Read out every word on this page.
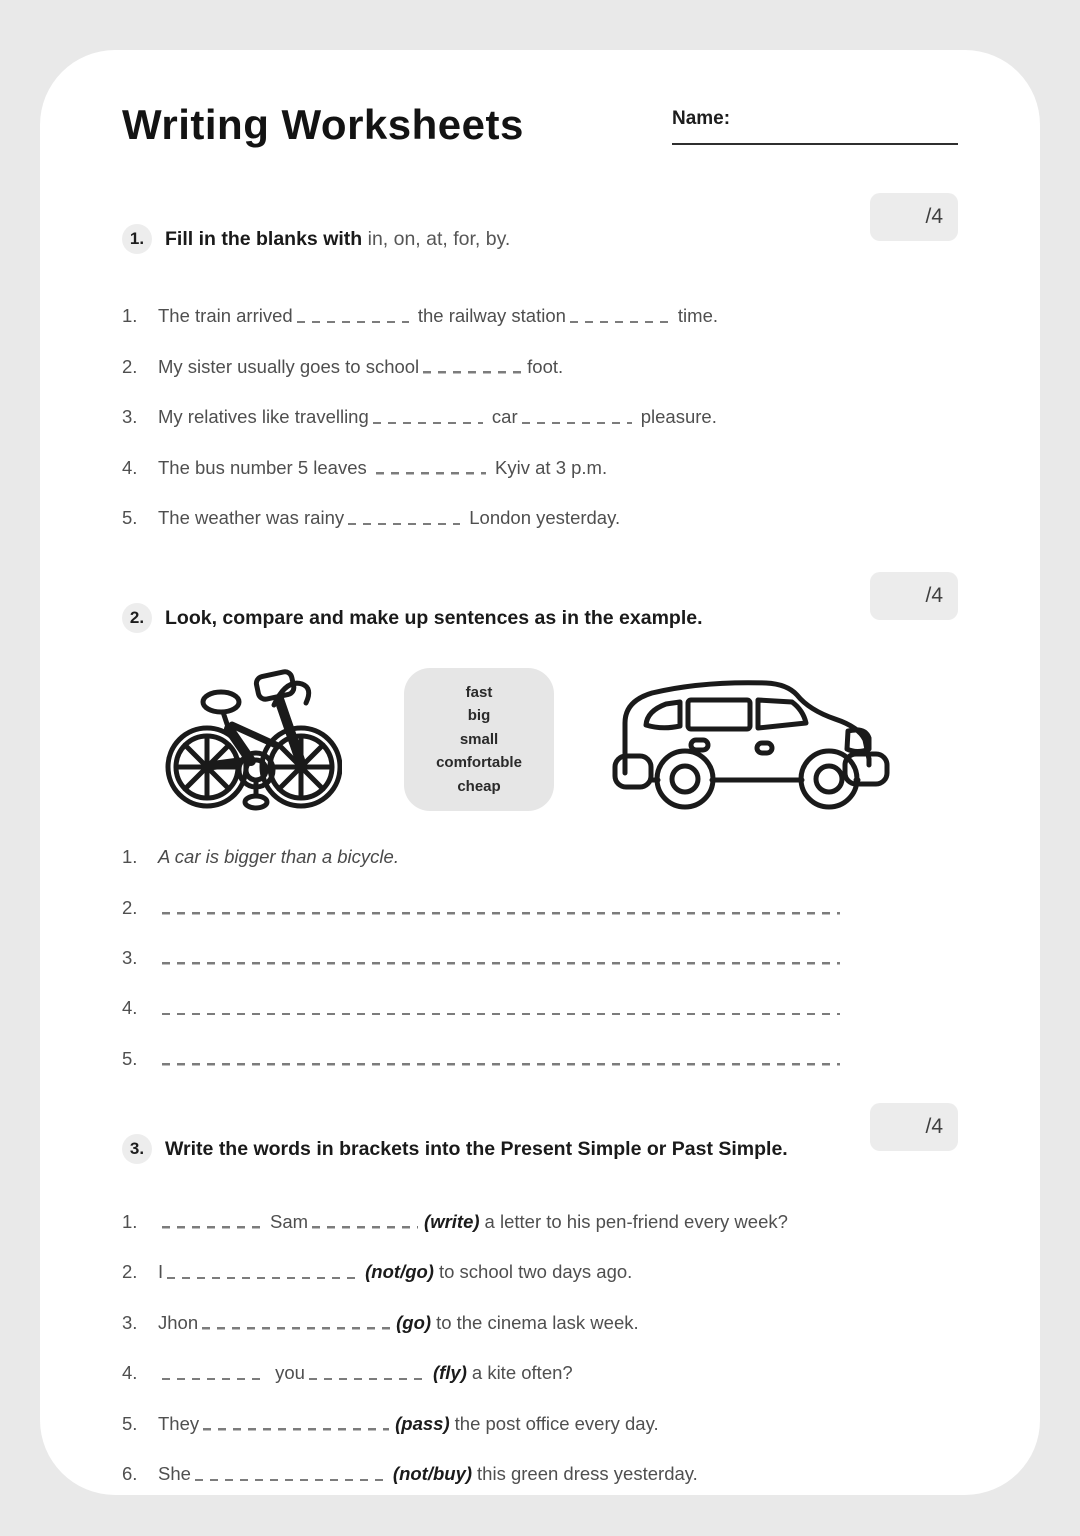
Writing Worksheets	Name:
1.	Fill in the blanks with in, on, at, for, by.
/4
1.	The train arrived	the railway station	time.
2.	My sister usually goes to school	foot.
3.	My relatives like travelling	car	pleasure.
4.	The bus number 5 leaves	Kyiv at 3 p.m.
5.	The weather was rainy	London yesterday.
2.	Look, compare and make up sentences as in the example.
/4
fast
big
small
comfortable
cheap
1.	A car is bigger than a bicycle.
2.
3.
4.
5.
3.	Write the words in brackets into the Present Simple or Past Simple.
/4
1.	Sam	(write) a letter to his pen-friend every week?
2.	I	(not/go) to school two days ago.
3.	Jhon	(go) to the cinema lask week.
4.	you	(fly) a kite often?
5.	They	(pass) the post office every day.
6.	She	(not/buy) this green dress yesterday.
